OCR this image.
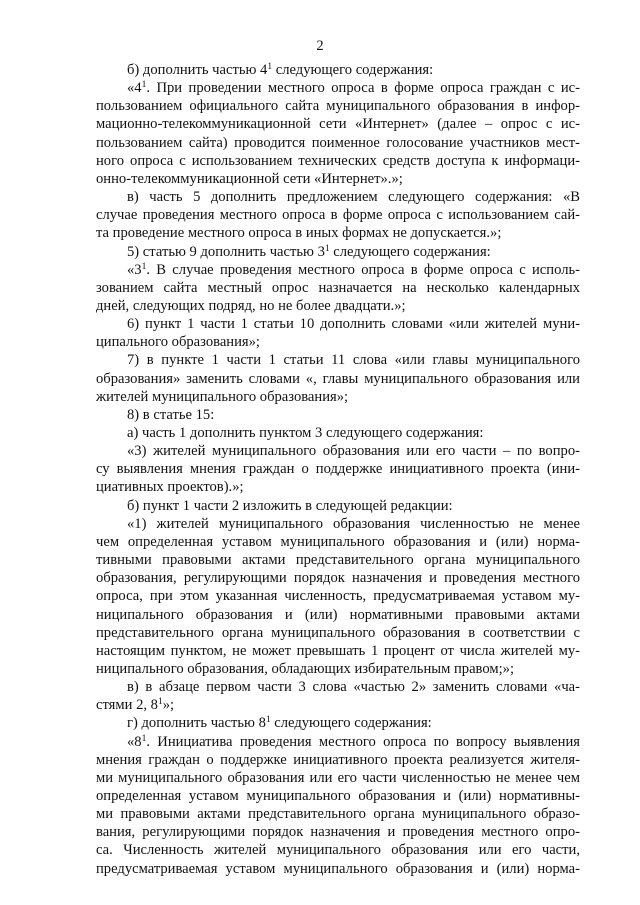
2
б) дополнить частью $4^1$ следующего содержания:
«$4^1$. При проведении местного опроса в форме опроса граждан с ис-
пользованием официального сайта муниципального образования в инфор-
мационно-телекоммуникационной сети «Интернет» (далее – опрос с ис-
пользованием сайта) проводится поименное голосование участников мест-
ного опроса с использованием технических средств доступа к информаци-
онно-телекоммуникационной сети «Интернет».»;
в) часть 5 дополнить предложением следующего содержания: «В
случае проведения местного опроса в форме опроса с использованием сай-
та проведение местного опроса в иных формах не допускается.»;
5) статью 9 дополнить частью $3^1$ следующего содержания:
«$3^1$. В случае проведения местного опроса в форме опроса с исполь-
зованием сайта местный опрос назначается на несколько календарных
дней, следующих подряд, но не более двадцати.»;
6) пункт 1 части 1 статьи 10 дополнить словами «или жителей муни-
ципального образования»;
7) в пункте 1 части 1 статьи 11 слова «или главы муниципального
образования» заменить словами «, главы муниципального образования или
жителей муниципального образования»;
8) в статье 15:
а) часть 1 дополнить пунктом 3 следующего содержания:
«3) жителей муниципального образования или его части – по вопро-
су выявления мнения граждан о поддержке инициативного проекта (ини-
циативных проектов).»;
б) пункт 1 части 2 изложить в следующей редакции:
«1) жителей муниципального образования численностью не менее
чем определенная уставом муниципального образования и (или) норма-
тивными правовыми актами представительного органа муниципального
образования, регулирующими порядок назначения и проведения местного
опроса, при этом указанная численность, предусматриваемая уставом му-
ниципального образования и (или) нормативными правовыми актами
представительного органа муниципального образования в соответствии с
настоящим пунктом, не может превышать 1 процент от числа жителей му-
ниципального образования, обладающих избирательным правом;»;
в) в абзаце первом части 3 слова «частью 2» заменить словами «ча-
стями 2, $8^1$»;
г) дополнить частью $8^1$ следующего содержания:
«$8^1$. Инициатива проведения местного опроса по вопросу выявления
мнения граждан о поддержке инициативного проекта реализуется жителя-
ми муниципального образования или его части численностью не менее чем
определенная уставом муниципального образования и (или) нормативны-
ми правовыми актами представительного органа муниципального образо-
вания, регулирующими порядок назначения и проведения местного опро-
са. Численность жителей муниципального образования или его части,
предусматриваемая уставом муниципального образования и (или) норма-
